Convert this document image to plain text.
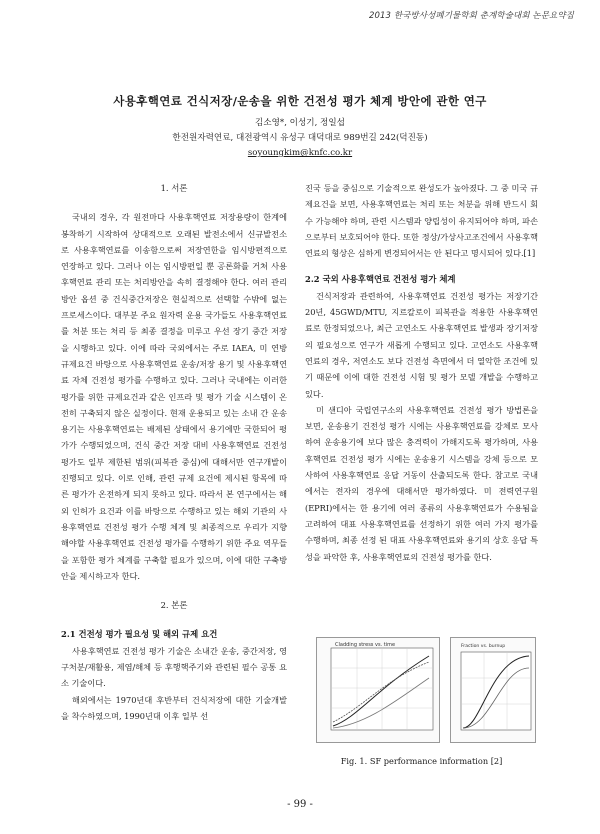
2013 한국방사성폐기물학회 춘계학술대회 논문요약집
사용후핵연료 건식저장/운송을 위한 건전성 평가 체계 방안에 관한 연구
김소영*, 이성기, 정일섭
한전원자력연료, 대전광역시 유성구 대덕대로 989번길 242(덕진동)
soyoungkim@knfc.co.kr
1. 서론

국내의 경우, 각 원전마다 사용후핵연료 저장용량이 한계에 봉착하기 시작하여 상대적으로 오래된 발전소에서 신규발전소로 사용후핵연료를 이송함으로써 저장연한을 임시방편적으로 연장하고 있다. 그러나 이는 임시방편일 뿐 공론화를 거쳐 사용후핵연료 관리 또는 처리방안을 속히 결정해야 한다. 여러 관리방안 옵션 중 건식중간저장은 현실적으로 선택할 수밖에 없는 프로세스이다. 대부분 주요 원자력 운용 국가들도 사용후핵연료를 처분 또는 처리 등 최종 결정을 미루고 우선 장기 중간 저장을 시행하고 있다. 이에 따라 국외에서는 주로 IAEA, 미 연방 규제요건 바탕으로 사용후핵연료 운송/저장 용기 및 사용후핵연료 자체 건전성 평가를 수행하고 있다. 그러나 국내에는 이러한 평가를 위한 규제요건과 같은 인프라 및 평가 기술 시스템이 온전히 구축되지 않은 실정이다. 현재 운용되고 있는 소내 간 운송용기는 사용후핵연료는 배제된 상태에서 용기에만 국한되어 평가가 수행되었으며, 건식 중간 저장 대비 사용후핵연료 건전성 평가도 일부 제한된 범위(피복관 중심)에 대해서만 연구개발이 진행되고 있다. 이로 인해, 관련 규제 요건에 제시된 항목에 따른 평가가 온전하게 되지 못하고 있다. 따라서 본 연구에서는 해외 인허가 요건과 이를 바탕으로 수행하고 있는 해외 기관의 사용후핵연료 건전성 평가 수행 체계 및 최종적으로 우리가 지향해야할 사용후핵연료 건전성 평가를 수행하기 위한 주요 역무들을 포함한 평가 체계를 구축할 필요가 있으며, 이에 대한 구축방안을 제시하고자 한다.

2. 본론
2.1 건전성 평가 필요성 및 해외 규제 요건

사용후핵연료 건전성 평가 기술은 소내간 운송, 중간저장, 영구처분/재활용, 제염/해체 등 후행핵주기와 관련된 필수 공통 요소 기술이다.

해외에서는 1970년대 후반부터 건식저장에 대한 기술개발을 착수하였으며, 1990년대 이후 일부 선

진국 등을 중심으로 기술적으로 완성도가 높아졌다. 그 중 미국 규제요건을 보면, 사용후핵연료는 처리 또는 처분을 위해 반드시 회수 가능해야 하며, 관련 시스템과 양립성이 유지되어야 하며, 파손으로부터 보호되어야 한다. 또한 정상/가상사고조건에서 사용후핵연료의 형상은 심하게 변경되어서는 안 된다고 명시되어 있다.[1]

2.2 국외 사용후핵연료 건전성 평가 체계

건식저장과 관련하여, 사용후핵연료 건전성 평가는 저장기간 20년, 45GWD/MTU, 지르칼로이 피복관을 적용한 사용후핵연료로 한정되었으나, 최근 고연소도 사용후핵연료 발생과 장기저장의 필요성으로 연구가 새롭게 수행되고 있다. 고연소도 사용후핵연료의 경우, 저연소도 보다 건전성 측면에서 더 열악한 조건에 있기 때문에 이에 대한 건전성 시험 및 평가 모델 개발을 수행하고 있다.

미 샌디아 국립연구소의 사용후핵연료 건전성 평가 방법론을 보면, 운송용기 건전성 평가 시에는 사용후핵연료를 강체로 모사하여 운송용기에 보다 많은 충격력이 가해지도록 평가하며, 사용후핵연료 건전성 평가 시에는 운송용기 시스템을 강체 등으로 모사하여 사용후핵연료 응답 거동이 산출되도록 한다. 참고로 국내에서는 전자의 경우에 대해서만 평가하였다. 미 전력연구원(EPRI)에서는 한 용기에 여러 종류의 사용후핵연료가 수용됨을 고려하여 대표 사용후핵연료를 선정하기 위한 여러 가지 평가를 수행하며, 최종 선정 된 대표 사용후핵연료와 용기의 상호 응답 특성을 파악한 후, 사용후핵연료의 건전성 평가를 한다.

Cladding stress vs. time	Fraction vs. burnup
Fig. 1. SF performance information [2]
- 99 -
